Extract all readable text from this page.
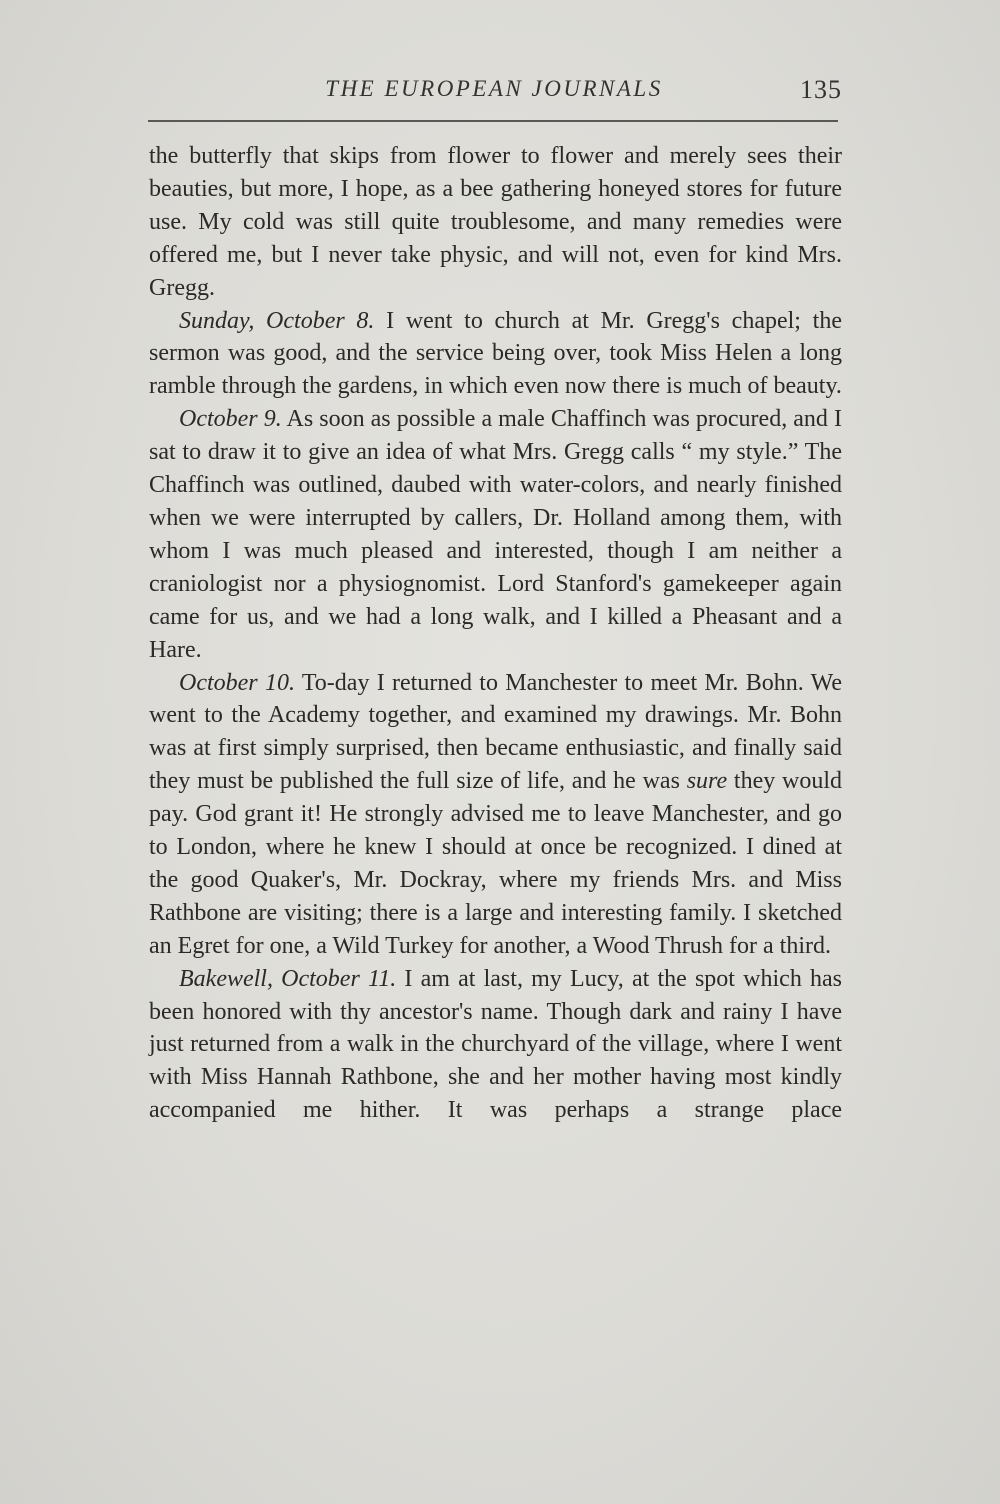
THE EUROPEAN JOURNALS	135

the butterfly that skips from flower to flower and merely sees their beauties, but more, I hope, as a bee gathering honeyed stores for future use. My cold was still quite troublesome, and many remedies were offered me, but I never take physic, and will not, even for kind Mrs. Gregg.

Sunday, October 8. I went to church at Mr. Gregg's chapel; the sermon was good, and the service being over, took Miss Helen a long ramble through the gardens, in which even now there is much of beauty.

October 9. As soon as possible a male Chaffinch was procured, and I sat to draw it to give an idea of what Mrs. Gregg calls “ my style.” The Chaffinch was outlined, daubed with water-colors, and nearly finished when we were interrupted by callers, Dr. Holland among them, with whom I was much pleased and interested, though I am neither a craniologist nor a physiognomist. Lord Stanford's gamekeeper again came for us, and we had a long walk, and I killed a Pheasant and a Hare.

October 10. To-day I returned to Manchester to meet Mr. Bohn. We went to the Academy together, and examined my drawings. Mr. Bohn was at first simply surprised, then became enthusiastic, and finally said they must be published the full size of life, and he was sure they would pay. God grant it! He strongly advised me to leave Manchester, and go to London, where he knew I should at once be recognized. I dined at the good Quaker's, Mr. Dockray, where my friends Mrs. and Miss Rathbone are visiting; there is a large and interesting family. I sketched an Egret for one, a Wild Turkey for another, a Wood Thrush for a third.

Bakewell, October 11. I am at last, my Lucy, at the spot which has been honored with thy ancestor's name. Though dark and rainy I have just returned from a walk in the churchyard of the village, where I went with Miss Hannah Rathbone, she and her mother having most kindly accompanied me hither. It was perhaps a strange place
